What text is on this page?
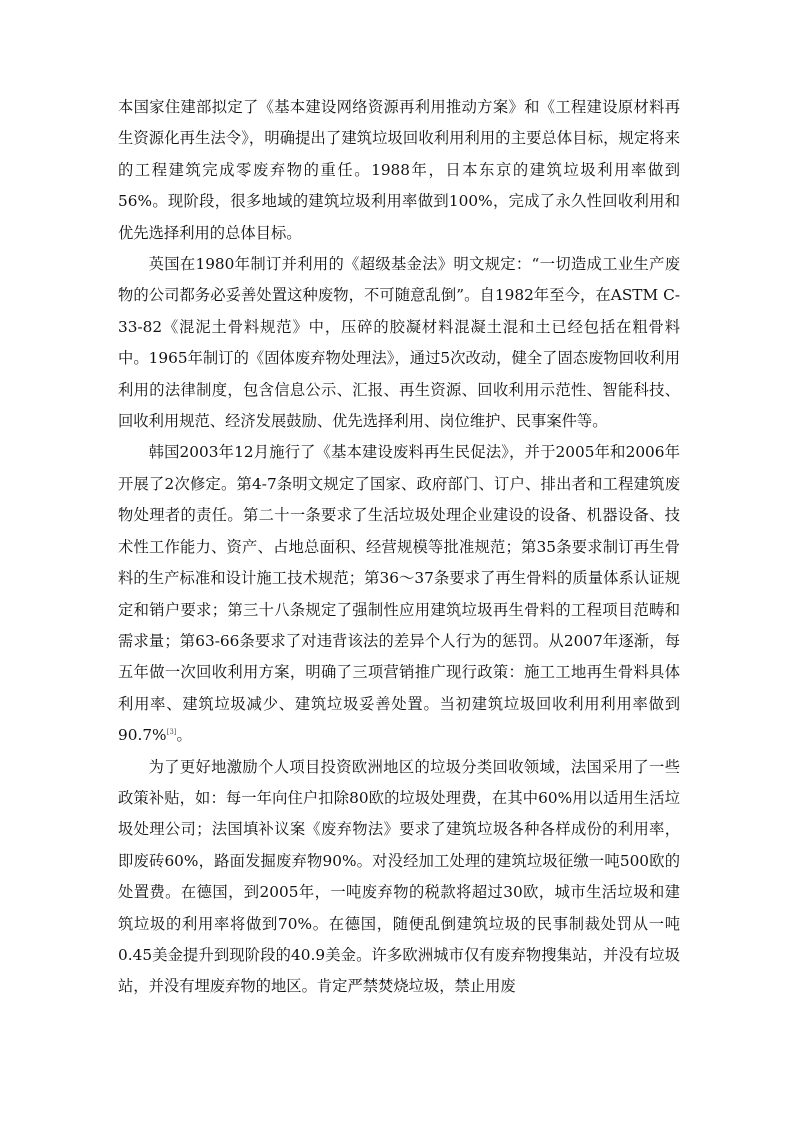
本国家住建部拟定了《基本建设网络资源再利用推动方案》和《工程建设原材料再生资源化再生法令》，明确提出了建筑垃圾回收利用利用的主要总体目标，规定将来的工程建筑完成零废弃物的重任。1988年，日本东京的建筑垃圾利用率做到56%。现阶段，很多地域的建筑垃圾利用率做到100%，完成了永久性回收利用和优先选择利用的总体目标。

英国在1980年制订并利用的《超级基金法》明文规定：“一切造成工业生产废物的公司都务必妥善处置这种废物，不可随意乱倒”。自1982年至今，在ASTM C-33-82《混泥土骨料规范》中，压碎的胶凝材料混凝土混和土已经包括在粗骨料中。1965年制订的《固体废弃物处理法》，通过5次改动，健全了固态废物回收利用利用的法律制度，包含信息公示、汇报、再生资源、回收利用示范性、智能科技、回收利用规范、经济发展鼓励、优先选择利用、岗位维护、民事案件等。

韩国2003年12月施行了《基本建设废料再生民促法》，并于2005年和2006年开展了2次修定。第4-7条明文规定了国家、政府部门、订户、排出者和工程建筑废物处理者的责任。第二十一条要求了生活垃圾处理企业建设的设备、机器设备、技术性工作能力、资产、占地总面积、经营规模等批准规范；第35条要求制订再生骨料的生产标准和设计施工技术规范；第36～37条要求了再生骨料的质量体系认证规定和销户要求；第三十八条规定了强制性应用建筑垃圾再生骨料的工程项目范畴和需求量；第63-66条要求了对违背该法的差异个人行为的惩罚。从2007年逐渐，每五年做一次回收利用方案，明确了三项营销推广现行政策：施工工地再生骨料具体利用率、建筑垃圾减少、建筑垃圾妥善处置。当初建筑垃圾回收利用利用率做到90.7%[3]。

为了更好地激励个人项目投资欧洲地区的垃圾分类回收领域，法国采用了一些政策补贴，如：每一年向住户扣除80欧的垃圾处理费，在其中60%用以适用生活垃圾处理公司；法国填补议案《废弃物法》要求了建筑垃圾各种各样成份的利用率，即废砖60%，路面发掘废弃物90%。对没经加工处理的建筑垃圾征缴一吨500欧的处置费。在德国，到2005年，一吨废弃物的税款将超过30欧，城市生活垃圾和建筑垃圾的利用率将做到70%。在德国，随便乱倒建筑垃圾的民事制裁处罚从一吨0.45美金提升到现阶段的40.9美金。许多欧洲城市仅有废弃物搜集站，并没有垃圾站，并没有埋废弃物的地区。肯定严禁焚烧垃圾，禁止用废
